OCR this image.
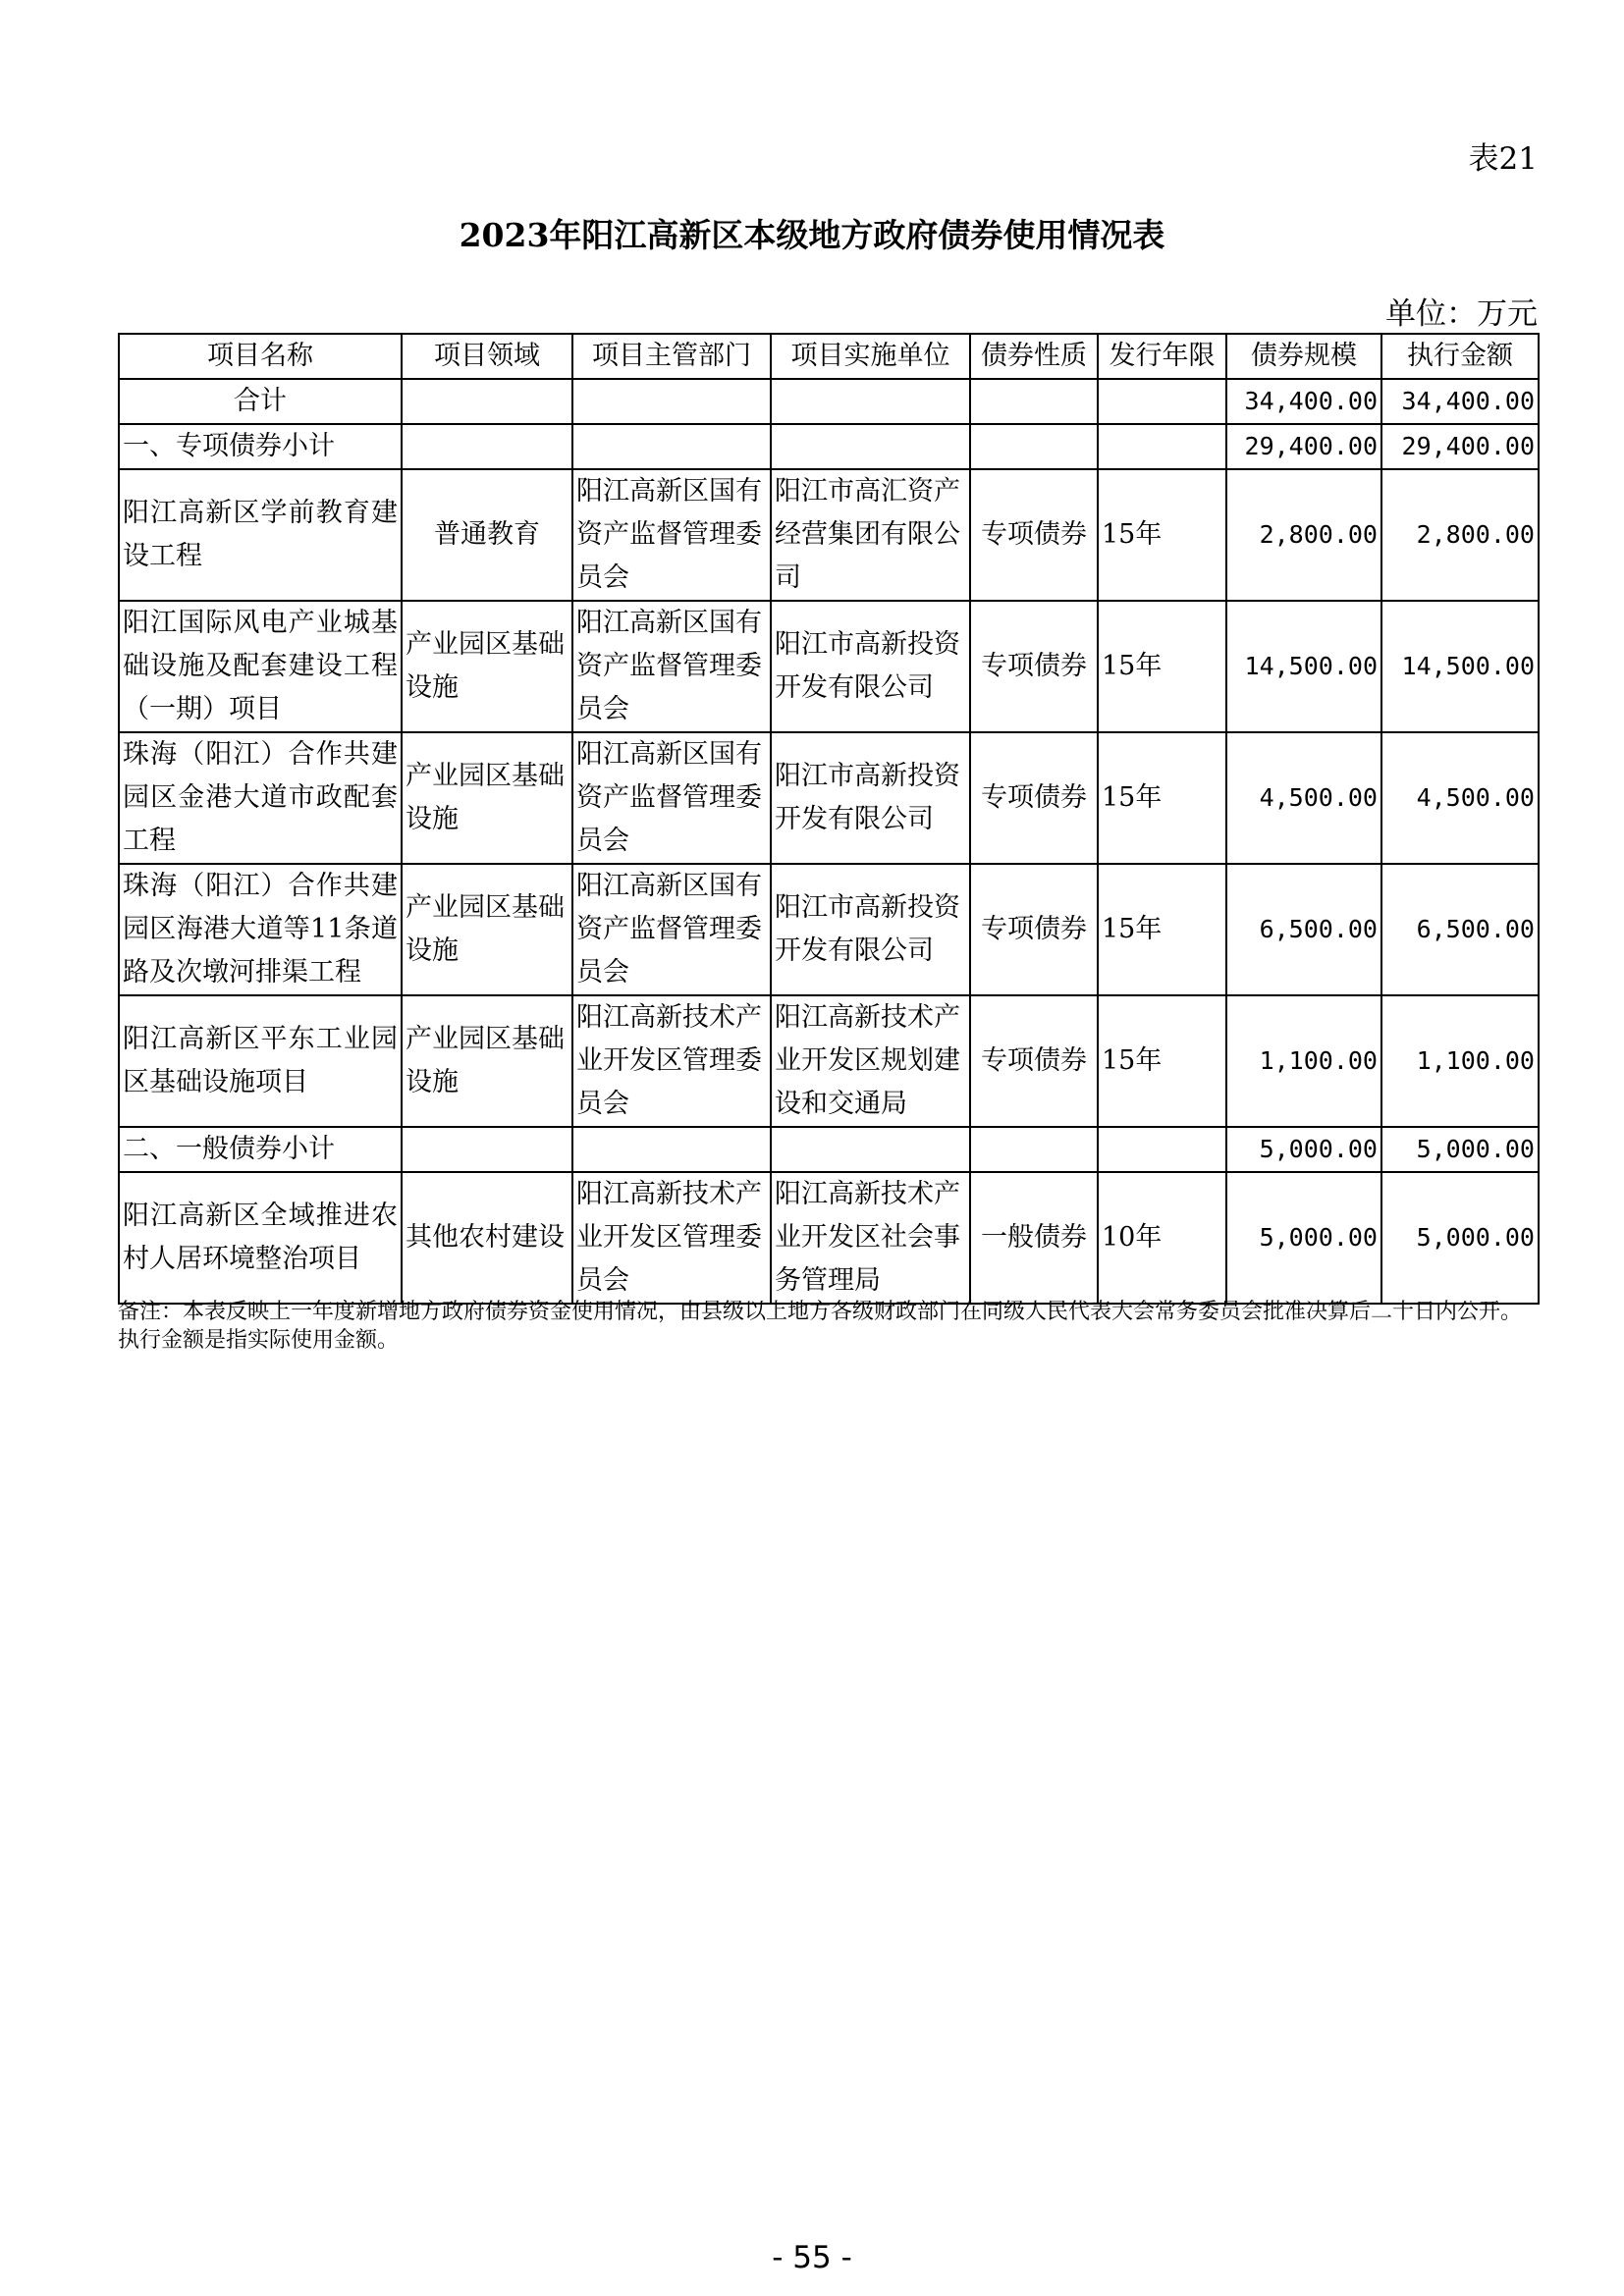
表21
2023年阳江高新区本级地方政府债券使用情况表
单位：万元
项目名称	项目领域	项目主管部门	项目实施单位	债券性质	发行年限	债券规模	执行金额
合计						34,400.00	34,400.00
一、专项债券小计						29,400.00	29,400.00
阳江高新区学前教育建设工程	普通教育	阳江高新区国有资产监督管理委员会	阳江市高汇资产经营集团有限公司	专项债券	15年	2,800.00	2,800.00
阳江国际风电产业城基础设施及配套建设工程（一期）项目	产业园区基础设施	阳江高新区国有资产监督管理委员会	阳江市高新投资开发有限公司	专项债券	15年	14,500.00	14,500.00
珠海（阳江）合作共建园区金港大道市政配套工程	产业园区基础设施	阳江高新区国有资产监督管理委员会	阳江市高新投资开发有限公司	专项债券	15年	4,500.00	4,500.00
珠海（阳江）合作共建园区海港大道等11条道路及次墩河排渠工程	产业园区基础设施	阳江高新区国有资产监督管理委员会	阳江市高新投资开发有限公司	专项债券	15年	6,500.00	6,500.00
阳江高新区平东工业园区基础设施项目	产业园区基础设施	阳江高新技术产业开发区管理委员会	阳江高新技术产业开发区规划建设和交通局	专项债券	15年	1,100.00	1,100.00
二、一般债券小计						5,000.00	5,000.00
阳江高新区全域推进农村人居环境整治项目	其他农村建设	阳江高新技术产业开发区管理委员会	阳江高新技术产业开发区社会事务管理局	一般债券	10年	5,000.00	5,000.00
备注：本表反映上一年度新增地方政府债券资金使用情况，由县级以上地方各级财政部门在同级人民代表大会常务委员会批准决算后二十日内公开。执行金额是指实际使用金额。
- 55 -
